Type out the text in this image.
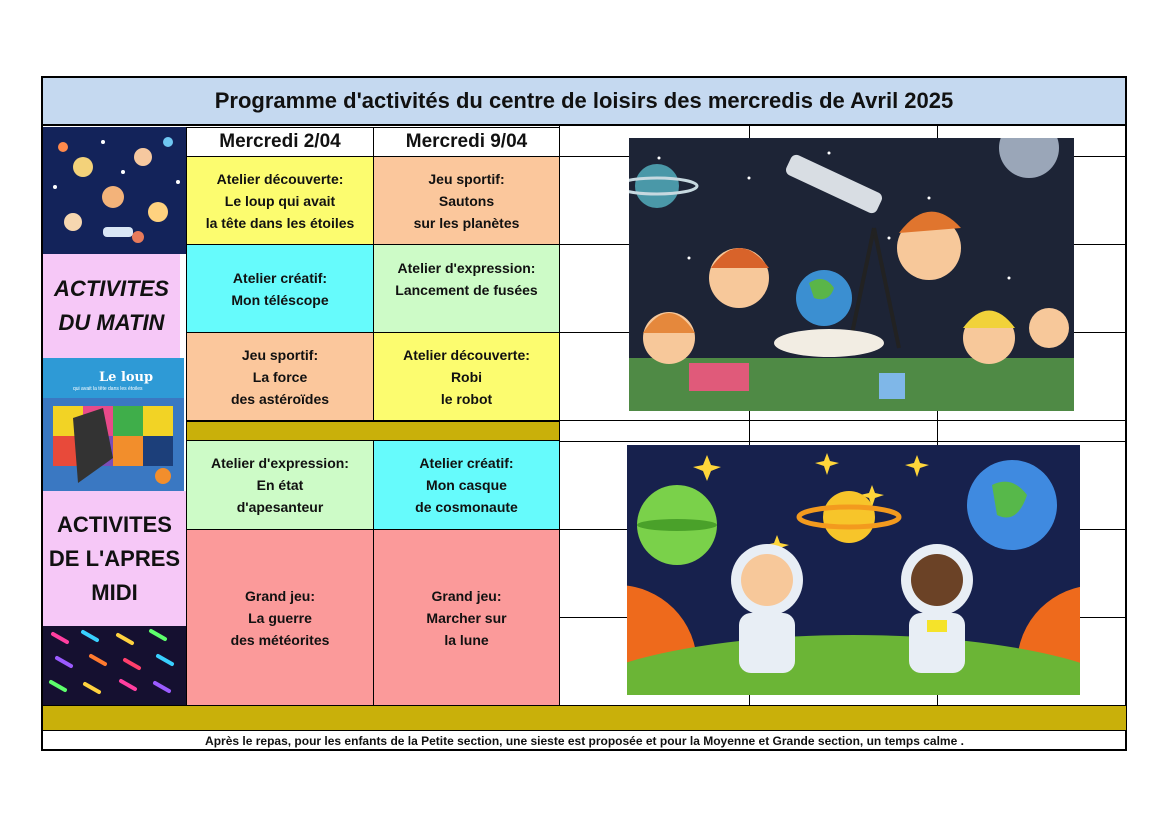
Programme d'activités du centre de loisirs des mercredis de Avril 2025
Mercredi 2/04	Mercredi 9/04
Atelier découverte:
Le loup qui avait
la tête dans les étoiles
Jeu sportif:
Sautons
sur les planètes
Atelier créatif:
Mon téléscope
Atelier d'expression:
Lancement de fusées
Jeu sportif:
La force
des astéroïdes
Atelier découverte:
Robi
le robot
Atelier d'expression:
En état
d'apesanteur
Atelier créatif:
Mon casque
de cosmonaute
Grand jeu:
La guerre
des météorites
Grand jeu:
Marcher sur
la lune
ACTIVITES
DU MATIN
Le loup
qui avait la tête dans les étoiles
ACTIVITES
DE L'APRES
MIDI
Après le repas, pour les enfants de la Petite section, une sieste est proposée et pour la Moyenne et Grande section, un temps calme .
